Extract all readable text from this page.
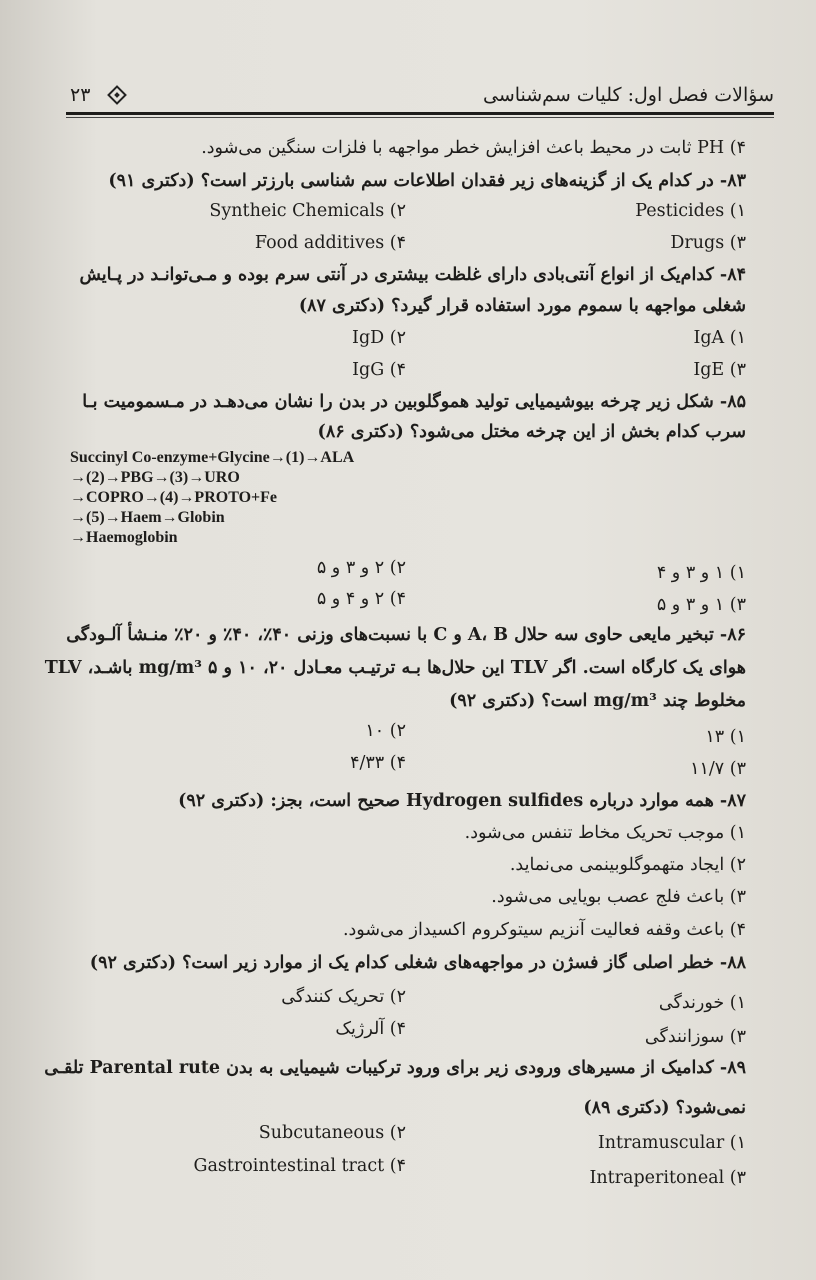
سؤالات فصل اول: کلیات سم‌شناسی
۲۳
۴) PH ثابت در محیط باعث افزایش خطر مواجهه با فلزات سنگین می‌شود.
۸۳- در کدام یک از گزینه‌های زیر فقدان اطلاعات سم شناسی بارزتر است؟ (دکتری ۹۱)
۱) Pesticides
۲) Syntheic Chemicals
۳) Drugs
۴) Food additives
۸۴- کدام‌یک از انواع آنتی‌بادی دارای غلظت بیشتری در آنتی سرم بوده و مـی‌توانـد در پـایش
شغلی مواجهه با سموم مورد استفاده قرار گیرد؟ (دکتری ۸۷)
۱) IgA
۲) IgD
۳) IgE
۴) IgG
۸۵- شکل زیر چرخه بیوشیمیایی تولید هموگلوبین در بدن را نشان می‌دهـد در مـسمومیت بـا
سرب کدام بخش از این چرخه مختل می‌شود؟ (دکتری ۸۶)
Succinyl Co-enzyme+Glycine→(1)→ALA
→(2)→PBG→(3)→URO
→COPRO→(4)→PROTO+Fe
→(5)→Haem→Globin
→Haemoglobin
۱) ۱ و ۳ و ۴
۲) ۲ و ۳ و ۵
۳) ۱ و ۳ و ۵
۴) ۲ و ۴ و ۵
۸۶- تبخیر مایعی حاوی سه حلال A، B و C با نسبت‌های وزنی ۴۰٪، ۴۰٪ و ۲۰٪ منـشأ آلـودگی
هوای یک کارگاه است. اگر TLV این حلال‌ها بـه ترتیـب معـادل ۲۰، ۱۰ و ۵ mg/m³ باشـد، TLV
مخلوط چند mg/m³ است؟ (دکتری ۹۲)
۱) ۱۳
۲) ۱۰
۳) ۱۱/۷
۴) ۴/۳۳
۸۷- همه موارد درباره Hydrogen sulfides صحیح است، بجز: (دکتری ۹۲)
۱) موجب تحریک مخاط تنفس می‌شود.
۲) ایجاد متهموگلوبینمی می‌نماید.
۳) باعث فلج عصب بویایی می‌شود.
۴) باعث وقفه فعالیت آنزیم سیتوکروم اکسیداز می‌شود.
۸۸- خطر اصلی گاز فسژن در مواجهه‌های شغلی کدام یک از موارد زیر است؟ (دکتری ۹۲)
۱) خورندگی
۲) تحریک کنندگی
۳) سوزانندگی
۴) آلرژیک
۸۹- کدامیک از مسیرهای ورودی زیر برای ورود ترکیبات شیمیایی به بدن Parental rute تلقـی
نمی‌شود؟ (دکتری ۸۹)
۱) Intramuscular
۲) Subcutaneous
۳) Intraperitoneal
۴) Gastrointestinal tract
